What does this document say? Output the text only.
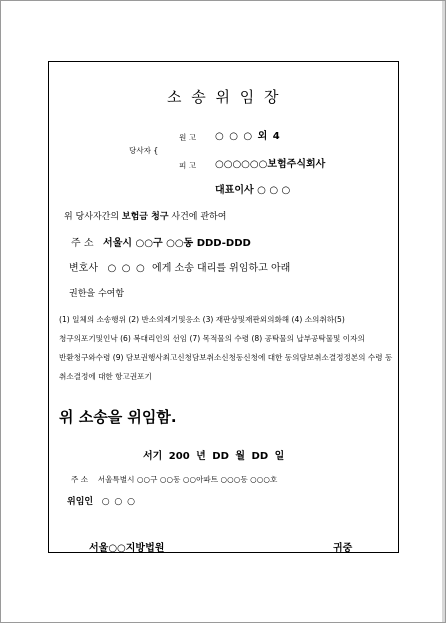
소 송 위 임 장
당사자 {
원 고 ○ ○ ○ 외 4
피 고 ○○○○○○보험주식회사
대표이사 ○ ○ ○
위 당사자간의 보험금 청구 사건에 관하여
주 소 서울시 ○○구 ○○동 DDD-DDD
변호사 ○ ○ ○ 에게 소송 대리를 위임하고 아래
권한을 수여함
(1) 일체의 소송행위 (2) 반소의제기및응소 (3) 재판상및재판외의화해 (4) 소의취하(5) 청구의포기및인낙 (6) 복대리인의 선임 (7) 목적물의 수령 (8) 공탁물의 납부공탁물및 이자의 반환청구와수령 (9) 담보권행사최고신청담보취소신청동신청에 대한 동의담보취소결정정본의 수령 동 취소결정에 대한 항고권포기
위 소송을 위임함.
서기 200 년 DD 월 DD 일
주 소 서울특별시 ○○구 ○○동 ○○아파트 ○○○동 ○○○호
위임인 ○ ○ ○
서울○○지방법원	귀중
